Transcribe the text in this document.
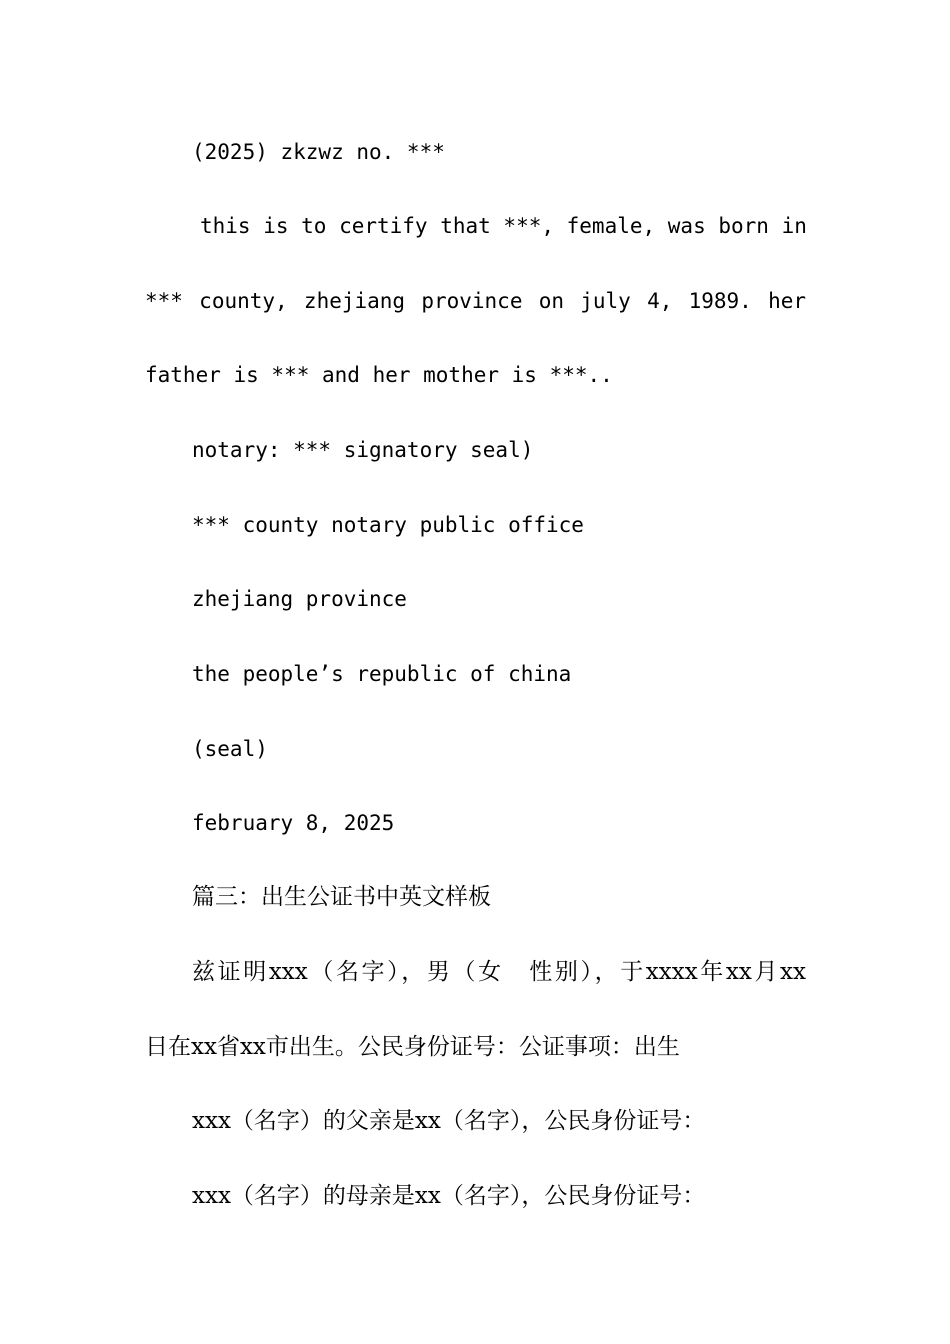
(2025) zkzwz no. ***
this is to certify that ***, female, was born in
*** county, zhejiang province on july 4, 1989. her
father is *** and her mother is ***..
notary: *** signatory seal)
*** county notary public office
zhejiang province
the people’s republic of china
(seal)
february 8, 2025
篇三：出生公证书中英文样板
兹证明xxx（名字），男（女　性别），于xxxx年xx月xx
日在xx省xx市出生。公民身份证号：公证事项：出生
xxx（名字）的父亲是xx（名字），公民身份证号：
xxx（名字）的母亲是xx（名字），公民身份证号：
